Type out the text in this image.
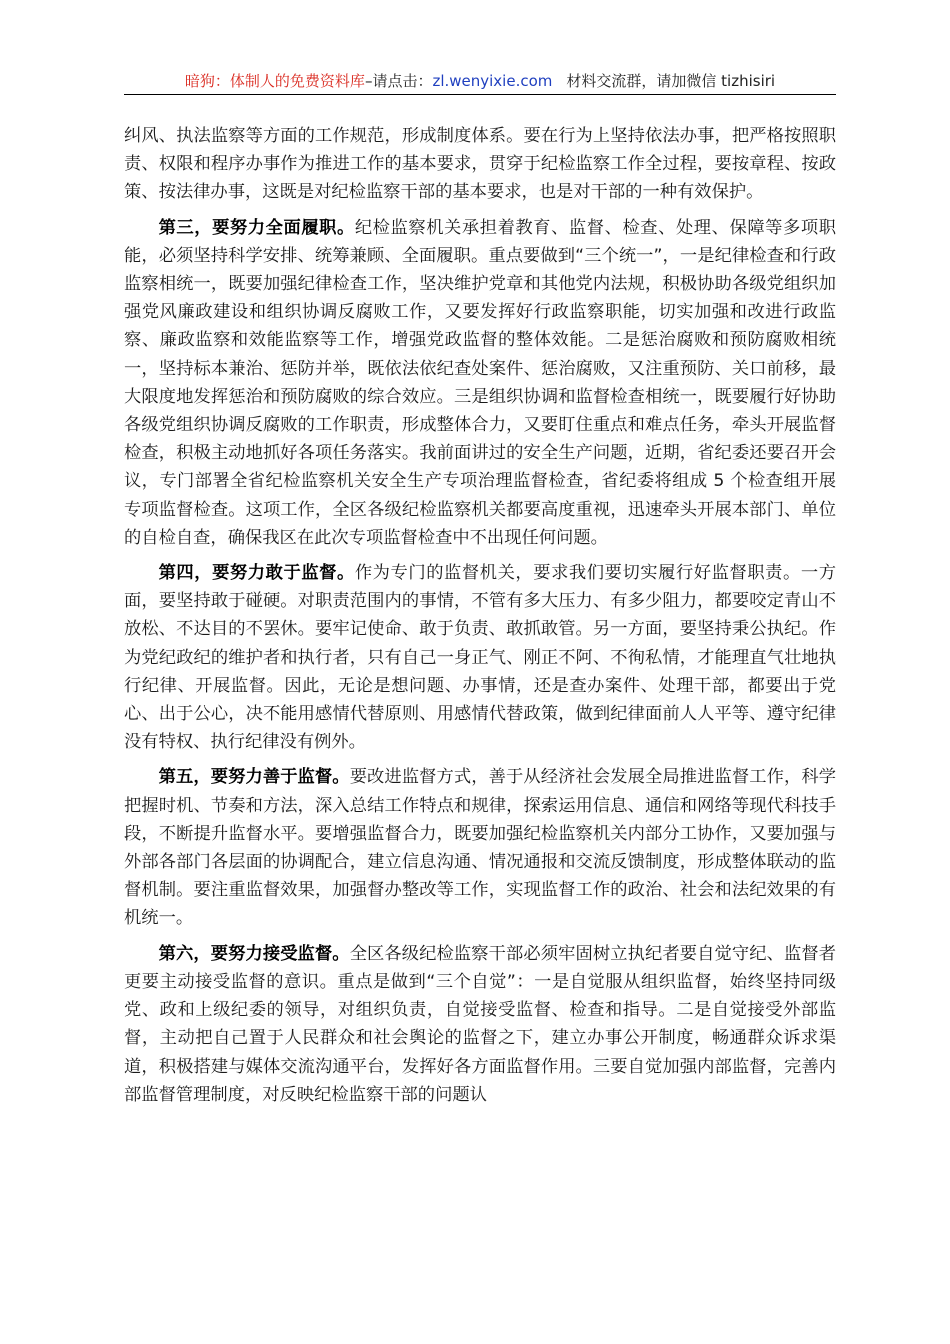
暗狗：体制人的免费资料库–请点击：zl.wenyixie.com 材料交流群，请加微信 tizhisiri

纠风、执法监察等方面的工作规范，形成制度体系。要在行为上坚持依法办事，把严格按照职责、权限和程序办事作为推进工作的基本要求，贯穿于纪检监察工作全过程，要按章程、按政策、按法律办事，这既是对纪检监察干部的基本要求，也是对干部的一种有效保护。

第三，要努力全面履职。纪检监察机关承担着教育、监督、检查、处理、保障等多项职能，必须坚持科学安排、统筹兼顾、全面履职。重点要做到“三个统一”，一是纪律检查和行政监察相统一，既要加强纪律检查工作，坚决维护党章和其他党内法规，积极协助各级党组织加强党风廉政建设和组织协调反腐败工作，又要发挥好行政监察职能，切实加强和改进行政监察、廉政监察和效能监察等工作，增强党政监督的整体效能。二是惩治腐败和预防腐败相统一，坚持标本兼治、惩防并举，既依法依纪查处案件、惩治腐败，又注重预防、关口前移，最大限度地发挥惩治和预防腐败的综合效应。三是组织协调和监督检查相统一，既要履行好协助各级党组织协调反腐败的工作职责，形成整体合力，又要盯住重点和难点任务，牵头开展监督检查，积极主动地抓好各项任务落实。我前面讲过的安全生产问题，近期，省纪委还要召开会议，专门部署全省纪检监察机关安全生产专项治理监督检查，省纪委将组成 5 个检查组开展专项监督检查。这项工作，全区各级纪检监察机关都要高度重视，迅速牵头开展本部门、单位的自检自查，确保我区在此次专项监督检查中不出现任何问题。

第四，要努力敢于监督。作为专门的监督机关，要求我们要切实履行好监督职责。一方面，要坚持敢于碰硬。对职责范围内的事情，不管有多大压力、有多少阻力，都要咬定青山不放松、不达目的不罢休。要牢记使命、敢于负责、敢抓敢管。另一方面，要坚持秉公执纪。作为党纪政纪的维护者和执行者，只有自己一身正气、刚正不阿、不徇私情，才能理直气壮地执行纪律、开展监督。因此，无论是想问题、办事情，还是查办案件、处理干部，都要出于党心、出于公心，决不能用感情代替原则、用感情代替政策，做到纪律面前人人平等、遵守纪律没有特权、执行纪律没有例外。

第五，要努力善于监督。要改进监督方式，善于从经济社会发展全局推进监督工作，科学把握时机、节奏和方法，深入总结工作特点和规律，探索运用信息、通信和网络等现代科技手段，不断提升监督水平。要增强监督合力，既要加强纪检监察机关内部分工协作，又要加强与外部各部门各层面的协调配合，建立信息沟通、情况通报和交流反馈制度，形成整体联动的监督机制。要注重监督效果，加强督办整改等工作，实现监督工作的政治、社会和法纪效果的有机统一。

第六，要努力接受监督。全区各级纪检监察干部必须牢固树立执纪者要自觉守纪、监督者更要主动接受监督的意识。重点是做到“三个自觉”：一是自觉服从组织监督，始终坚持同级党、政和上级纪委的领导，对组织负责，自觉接受监督、检查和指导。二是自觉接受外部监督，主动把自己置于人民群众和社会舆论的监督之下，建立办事公开制度，畅通群众诉求渠道，积极搭建与媒体交流沟通平台，发挥好各方面监督作用。三要自觉加强内部监督，完善内部监督管理制度，对反映纪检监察干部的问题认
